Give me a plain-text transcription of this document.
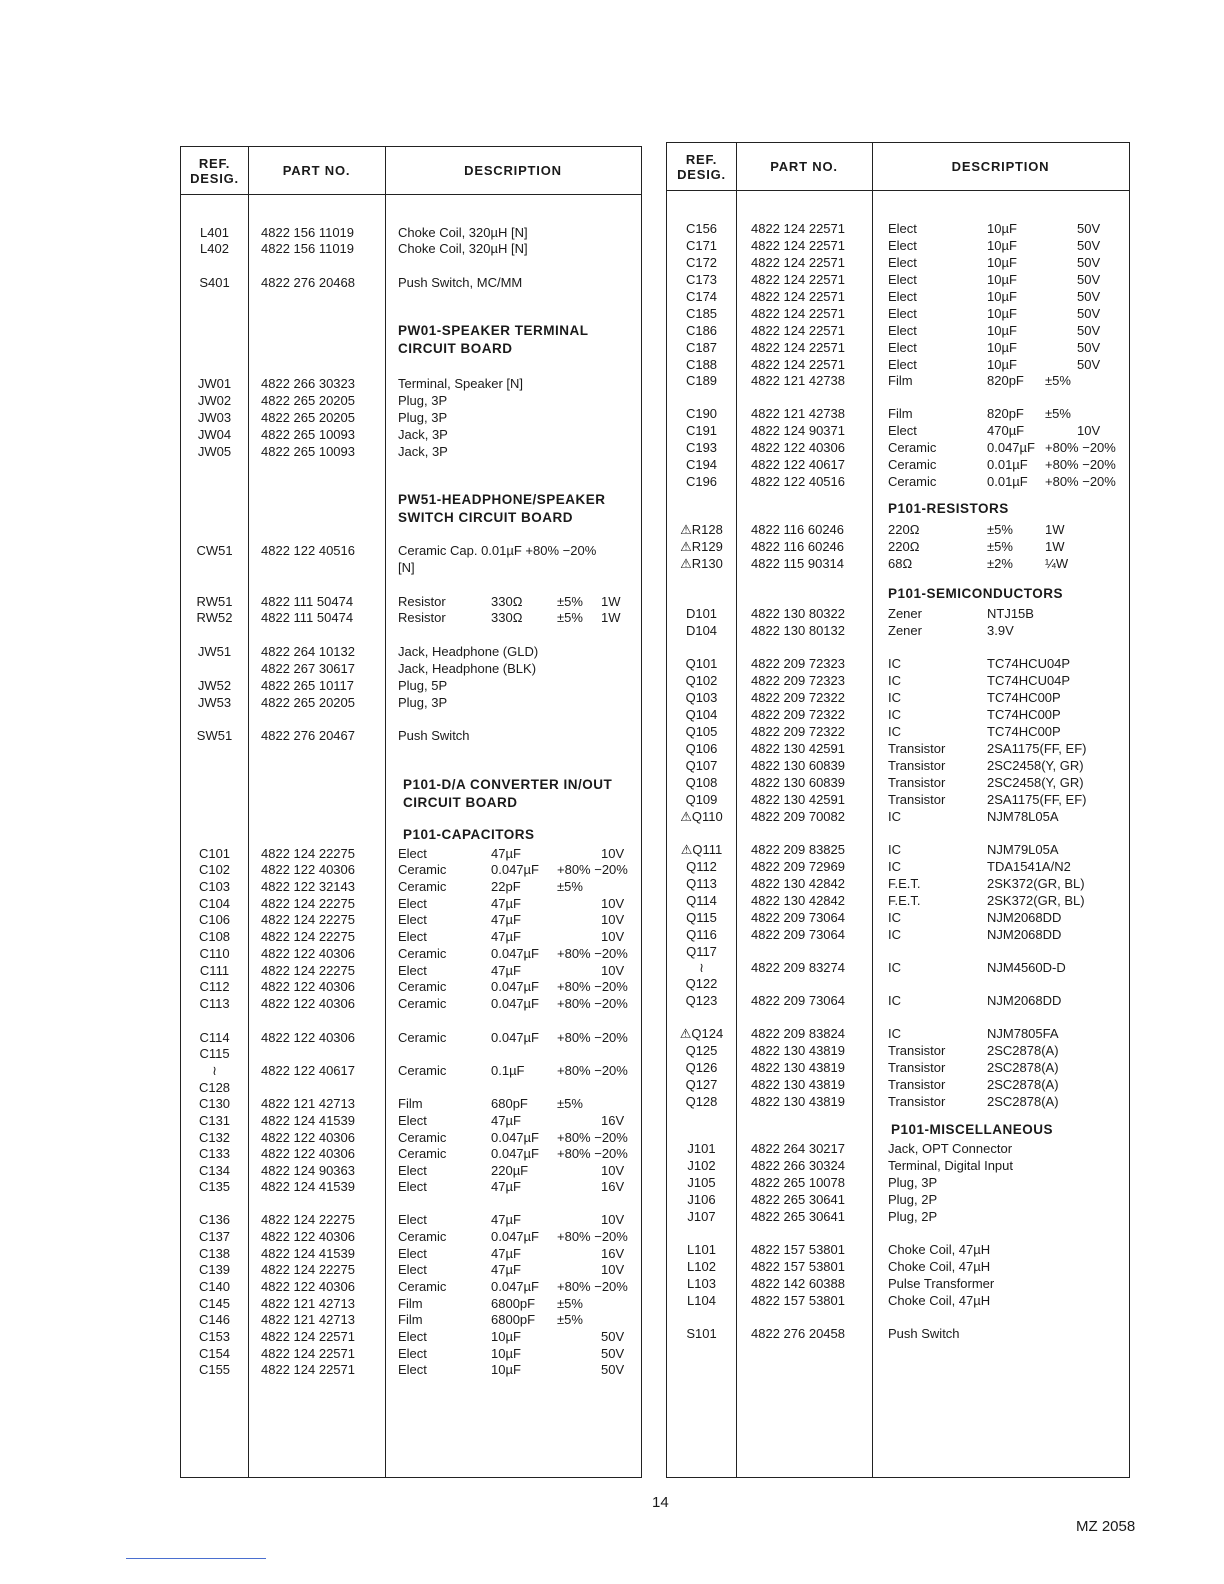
REF.
DESIG.
PART NO.	DESCRIPTION
PW01-SPEAKER TERMINAL
CIRCUIT BOARD
PW51-HEADPHONE/SPEAKER
SWITCH CIRCUIT BOARD
P101-D/A CONVERTER IN/OUT
CIRCUIT BOARD
P101-CAPACITORS
L401	4822 156 11019	Choke Coil, 320µH [N]
L402	4822 156 11019	Choke Coil, 320µH [N]
S401	4822 276 20468	Push Switch, MC/MM
JW01	4822 266 30323	Terminal, Speaker [N]
JW02	4822 265 20205	Plug, 3P
JW03	4822 265 20205	Plug, 3P
JW04	4822 265 10093	Jack, 3P
JW05	4822 265 10093	Jack, 3P
CW51	4822 122 40516	Ceramic Cap. 0.01µF +80% −20%
[N]
RW51	4822 111 50474	Resistor	330Ω	±5% 1W
RW52	4822 111 50474	Resistor	330Ω	±5% 1W
JW51	4822 264 10132	Jack, Headphone (GLD)
4822 267 30617	Jack, Headphone (BLK)
JW52	4822 265 10117	Plug, 5P
JW53	4822 265 20205	Plug, 3P
SW51	4822 276 20467	Push Switch
C101	4822 124 22275	Elect	47µF	10V
C102	4822 122 40306	Ceramic	0.047µF +80% −20%
C103	4822 122 32143	Ceramic	22pF	±5%
C104	4822 124 22275	Elect	47µF	10V
C106	4822 124 22275	Elect	47µF	10V
C108	4822 124 22275	Elect	47µF	10V
C110	4822 122 40306	Ceramic	0.047µF +80% −20%
C111	4822 124 22275	Elect	47µF	10V
C112	4822 122 40306	Ceramic	0.047µF +80% −20%
C113	4822 122 40306	Ceramic	0.047µF +80% −20%
C114	4822 122 40306	Ceramic	0.047µF +80% −20%
C115
≀	4822 122 40617	Ceramic	0.1µF +80% −20%
C128
C130	4822 121 42713	Film	680pF ±5%
C131	4822 124 41539	Elect	47µF	16V
C132	4822 122 40306	Ceramic	0.047µF +80% −20%
C133	4822 122 40306	Ceramic	0.047µF +80% −20%
C134	4822 124 90363	Elect	220µF	10V
C135	4822 124 41539	Elect	47µF	16V
C136	4822 124 22275	Elect	47µF	10V
C137	4822 122 40306	Ceramic	0.047µF +80% −20%
C138	4822 124 41539	Elect	47µF	16V
C139	4822 124 22275	Elect	47µF	10V
C140	4822 122 40306	Ceramic	0.047µF +80% −20%
C145	4822 121 42713	Film	6800pF ±5%
C146	4822 121 42713	Film	6800pF ±5%
C153	4822 124 22571	Elect	10µF	50V
C154	4822 124 22571	Elect	10µF	50V
C155	4822 124 22571	Elect	10µF	50V
REF.
DESIG.
PART NO.	DESCRIPTION
P101-RESISTORS
P101-SEMICONDUCTORS
P101-MISCELLANEOUS
C156	4822 124 22571	Elect	10µF	50V
C171	4822 124 22571	Elect	10µF	50V
C172	4822 124 22571	Elect	10µF	50V
C173	4822 124 22571	Elect	10µF	50V
C174	4822 124 22571	Elect	10µF	50V
C185	4822 124 22571	Elect	10µF	50V
C186	4822 124 22571	Elect	10µF	50V
C187	4822 124 22571	Elect	10µF	50V
C188	4822 124 22571	Elect	10µF	50V
C189	4822 121 42738	Film	820pF ±5%
C190	4822 121 42738	Film	820pF ±5%
C191	4822 124 90371	Elect	470µF	10V
C193	4822 122 40306	Ceramic	0.047µF +80% −20%
C194	4822 122 40617	Ceramic	0.01µF +80% −20%
C196	4822 122 40516	Ceramic	0.01µF +80% −20%
⚠R128	4822 116 60246	220Ω	±5% 1W
⚠R129	4822 116 60246	220Ω	±5% 1W
⚠R130	4822 115 90314	68Ω	±2% ¼W
D101	4822 130 80322	Zener	NTJ15B
D104	4822 130 80132	Zener	3.9V
Q101	4822 209 72323	IC	TC74HCU04P
Q102	4822 209 72323	IC	TC74HCU04P
Q103	4822 209 72322	IC	TC74HC00P
Q104	4822 209 72322	IC	TC74HC00P
Q105	4822 209 72322	IC	TC74HC00P
Q106	4822 130 42591	Transistor	2SA1175(FF, EF)
Q107	4822 130 60839	Transistor	2SC2458(Y, GR)
Q108	4822 130 60839	Transistor	2SC2458(Y, GR)
Q109	4822 130 42591	Transistor	2SA1175(FF, EF)
⚠Q110	4822 209 70082	IC	NJM78L05A
⚠Q111	4822 209 83825	IC	NJM79L05A
Q112	4822 209 72969	IC	TDA1541A/N2
Q113	4822 130 42842	F.E.T.	2SK372(GR, BL)
Q114	4822 130 42842	F.E.T.	2SK372(GR, BL)
Q115	4822 209 73064	IC	NJM2068DD
Q116	4822 209 73064	IC	NJM2068DD
Q117
≀	4822 209 83274	IC	NJM4560D-D
Q122
Q123	4822 209 73064	IC	NJM2068DD
⚠Q124	4822 209 83824	IC	NJM7805FA
Q125	4822 130 43819	Transistor	2SC2878(A)
Q126	4822 130 43819	Transistor	2SC2878(A)
Q127	4822 130 43819	Transistor	2SC2878(A)
Q128	4822 130 43819	Transistor	2SC2878(A)
J101	4822 264 30217	Jack, OPT Connector
J102	4822 266 30324	Terminal, Digital Input
J105	4822 265 10078	Plug, 3P
J106	4822 265 30641	Plug, 2P
J107	4822 265 30641	Plug, 2P
L101	4822 157 53801	Choke Coil, 47µH
L102	4822 157 53801	Choke Coil, 47µH
L103	4822 142 60388	Pulse Transformer
L104	4822 157 53801	Choke Coil, 47µH
S101	4822 276 20458	Push Switch
14
MZ 2058
